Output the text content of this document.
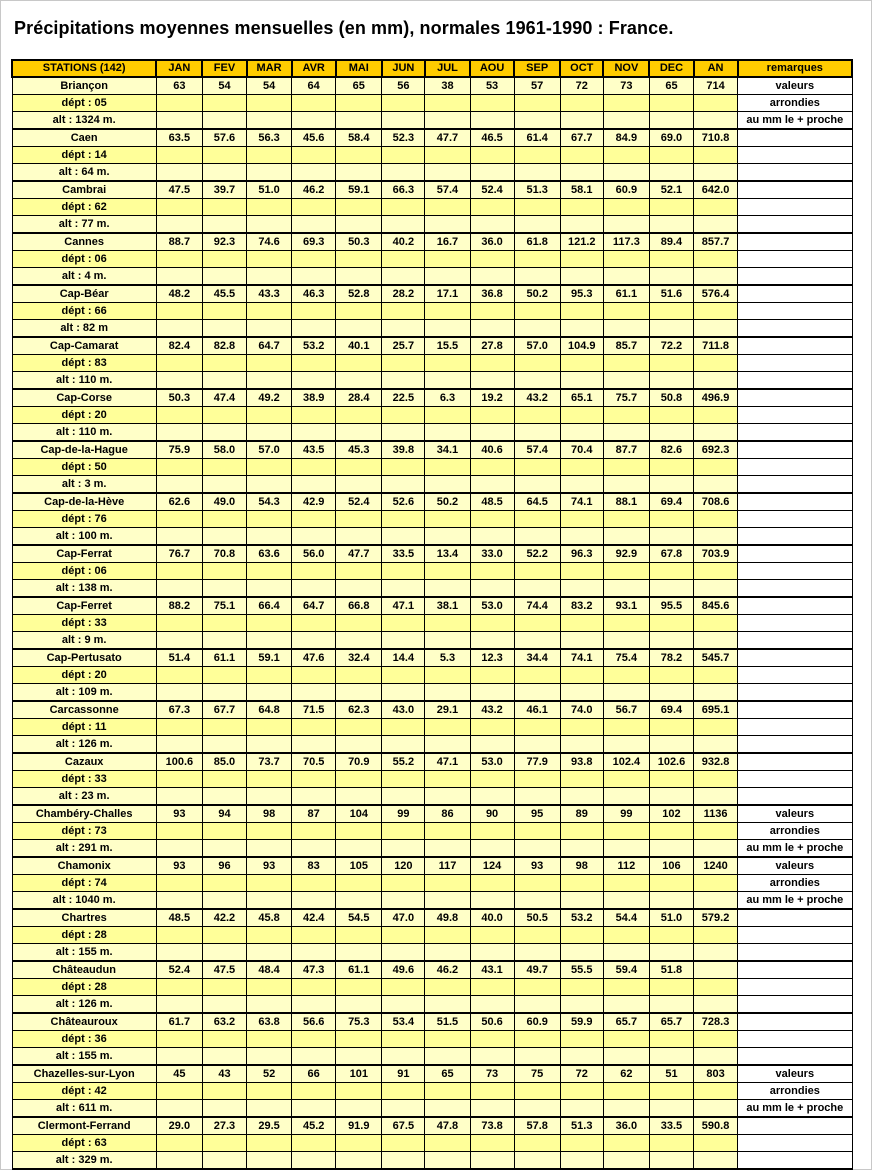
Précipitations moyennes mensuelles (en mm), normales 1961-1990 : France.
STATIONS (142)	JAN	FEV	MAR	AVR	MAI	JUN	JUL	AOU	SEP	OCT	NOV	DEC	AN	remarques
Briançon	63	54	54	64	65	56	38	53	57	72	73	65	714	valeurs
dépt : 05														arrondies
alt : 1324 m.														au mm le + proche
Caen	63.5	57.6	56.3	45.6	58.4	52.3	47.7	46.5	61.4	67.7	84.9	69.0	710.8	
dépt : 14														
alt : 64 m.														
Cambrai	47.5	39.7	51.0	46.2	59.1	66.3	57.4	52.4	51.3	58.1	60.9	52.1	642.0	
dépt : 62														
alt : 77 m.														
Cannes	88.7	92.3	74.6	69.3	50.3	40.2	16.7	36.0	61.8	121.2	117.3	89.4	857.7	
dépt : 06														
alt : 4 m.														
Cap-Béar	48.2	45.5	43.3	46.3	52.8	28.2	17.1	36.8	50.2	95.3	61.1	51.6	576.4	
dépt : 66														
alt : 82 m														
Cap-Camarat	82.4	82.8	64.7	53.2	40.1	25.7	15.5	27.8	57.0	104.9	85.7	72.2	711.8	
dépt : 83														
alt : 110 m.														
Cap-Corse	50.3	47.4	49.2	38.9	28.4	22.5	6.3	19.2	43.2	65.1	75.7	50.8	496.9	
dépt : 20														
alt : 110 m.														
Cap-de-la-Hague	75.9	58.0	57.0	43.5	45.3	39.8	34.1	40.6	57.4	70.4	87.7	82.6	692.3	
dépt : 50														
alt : 3 m.														
Cap-de-la-Hève	62.6	49.0	54.3	42.9	52.4	52.6	50.2	48.5	64.5	74.1	88.1	69.4	708.6	
dépt : 76														
alt : 100 m.														
Cap-Ferrat	76.7	70.8	63.6	56.0	47.7	33.5	13.4	33.0	52.2	96.3	92.9	67.8	703.9	
dépt : 06														
alt : 138 m.														
Cap-Ferret	88.2	75.1	66.4	64.7	66.8	47.1	38.1	53.0	74.4	83.2	93.1	95.5	845.6	
dépt : 33														
alt : 9 m.														
Cap-Pertusato	51.4	61.1	59.1	47.6	32.4	14.4	5.3	12.3	34.4	74.1	75.4	78.2	545.7	
dépt : 20														
alt : 109 m.														
Carcassonne	67.3	67.7	64.8	71.5	62.3	43.0	29.1	43.2	46.1	74.0	56.7	69.4	695.1	
dépt : 11														
alt : 126 m.														
Cazaux	100.6	85.0	73.7	70.5	70.9	55.2	47.1	53.0	77.9	93.8	102.4	102.6	932.8	
dépt : 33														
alt : 23 m.														
Chambéry-Challes	93	94	98	87	104	99	86	90	95	89	99	102	1136	valeurs
dépt : 73														arrondies
alt : 291 m.														au mm le + proche
Chamonix	93	96	93	83	105	120	117	124	93	98	112	106	1240	valeurs
dépt : 74														arrondies
alt : 1040 m.														au mm le + proche
Chartres	48.5	42.2	45.8	42.4	54.5	47.0	49.8	40.0	50.5	53.2	54.4	51.0	579.2	
dépt : 28														
alt : 155 m.														
Châteaudun	52.4	47.5	48.4	47.3	61.1	49.6	46.2	43.1	49.7	55.5	59.4	51.8		
dépt : 28														
alt : 126 m.														
Châteauroux	61.7	63.2	63.8	56.6	75.3	53.4	51.5	50.6	60.9	59.9	65.7	65.7	728.3	
dépt : 36														
alt : 155 m.														
Chazelles-sur-Lyon	45	43	52	66	101	91	65	73	75	72	62	51	803	valeurs
dépt : 42														arrondies
alt : 611 m.														au mm le + proche
Clermont-Ferrand	29.0	27.3	29.5	45.2	91.9	67.5	47.8	73.8	57.8	51.3	36.0	33.5	590.8	
dépt : 63														
alt : 329 m.														
